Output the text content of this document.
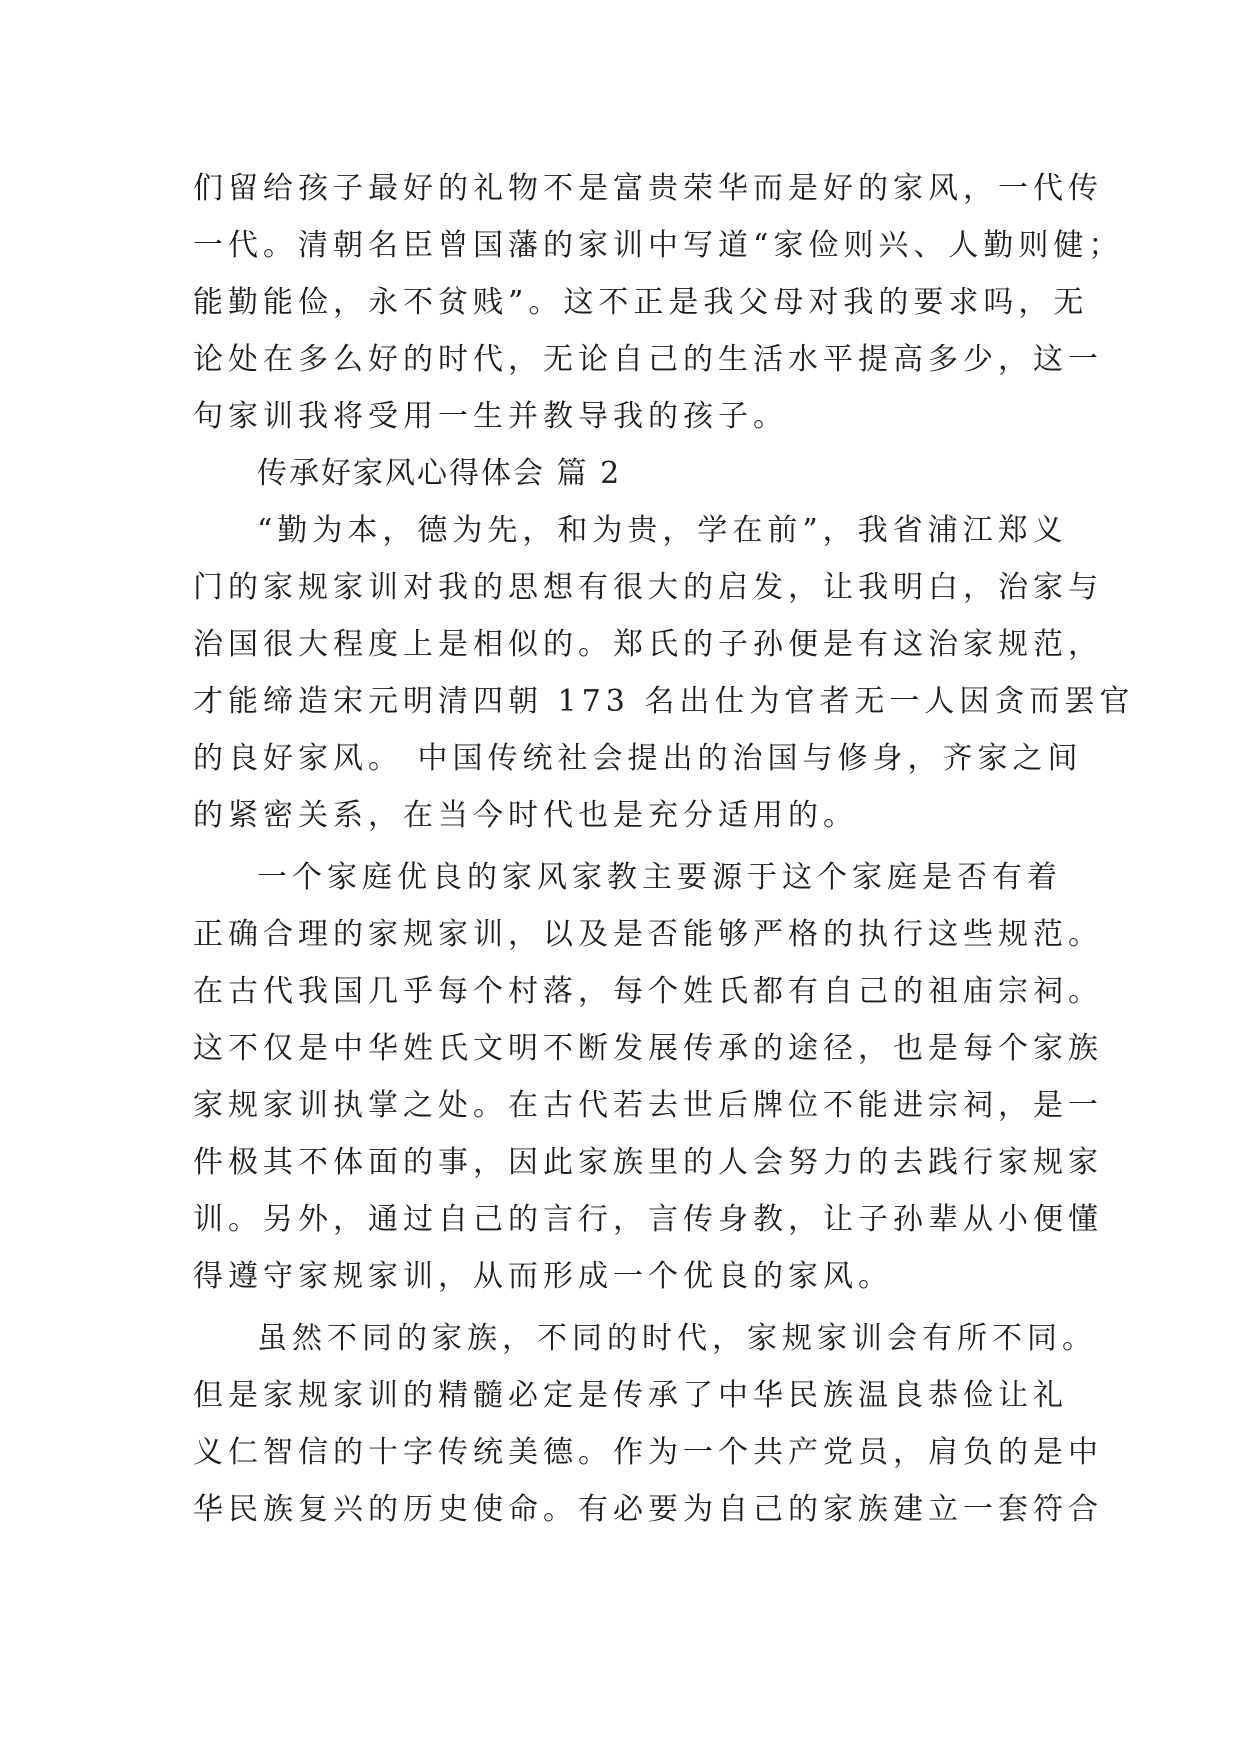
们留给孩子最好的礼物不是富贵荣华而是好的家风，一代传
一代。清朝名臣曾国藩的家训中写道“家俭则兴、人勤则健；
能勤能俭，永不贫贱”。这不正是我父母对我的要求吗，无
论处在多么好的时代，无论自己的生活水平提高多少，这一
句家训我将受用一生并教导我的孩子。
传承好家风心得体会 篇 2
“勤为本，德为先，和为贵，学在前”，我省浦江郑义
门的家规家训对我的思想有很大的启发，让我明白，治家与
治国很大程度上是相似的。郑氏的子孙便是有这治家规范，
才能缔造宋元明清四朝 173 名出仕为官者无一人因贪而罢官
的良好家风。 中国传统社会提出的治国与修身，齐家之间
的紧密关系，在当今时代也是充分适用的。
一个家庭优良的家风家教主要源于这个家庭是否有着
正确合理的家规家训，以及是否能够严格的执行这些规范。
在古代我国几乎每个村落，每个姓氏都有自己的祖庙宗祠。
这不仅是中华姓氏文明不断发展传承的途径，也是每个家族
家规家训执掌之处。在古代若去世后牌位不能进宗祠，是一
件极其不体面的事，因此家族里的人会努力的去践行家规家
训。另外，通过自己的言行，言传身教，让子孙辈从小便懂
得遵守家规家训，从而形成一个优良的家风。
虽然不同的家族，不同的时代，家规家训会有所不同。
但是家规家训的精髓必定是传承了中华民族温良恭俭让礼
义仁智信的十字传统美德。作为一个共产党员，肩负的是中
华民族复兴的历史使命。有必要为自己的家族建立一套符合
